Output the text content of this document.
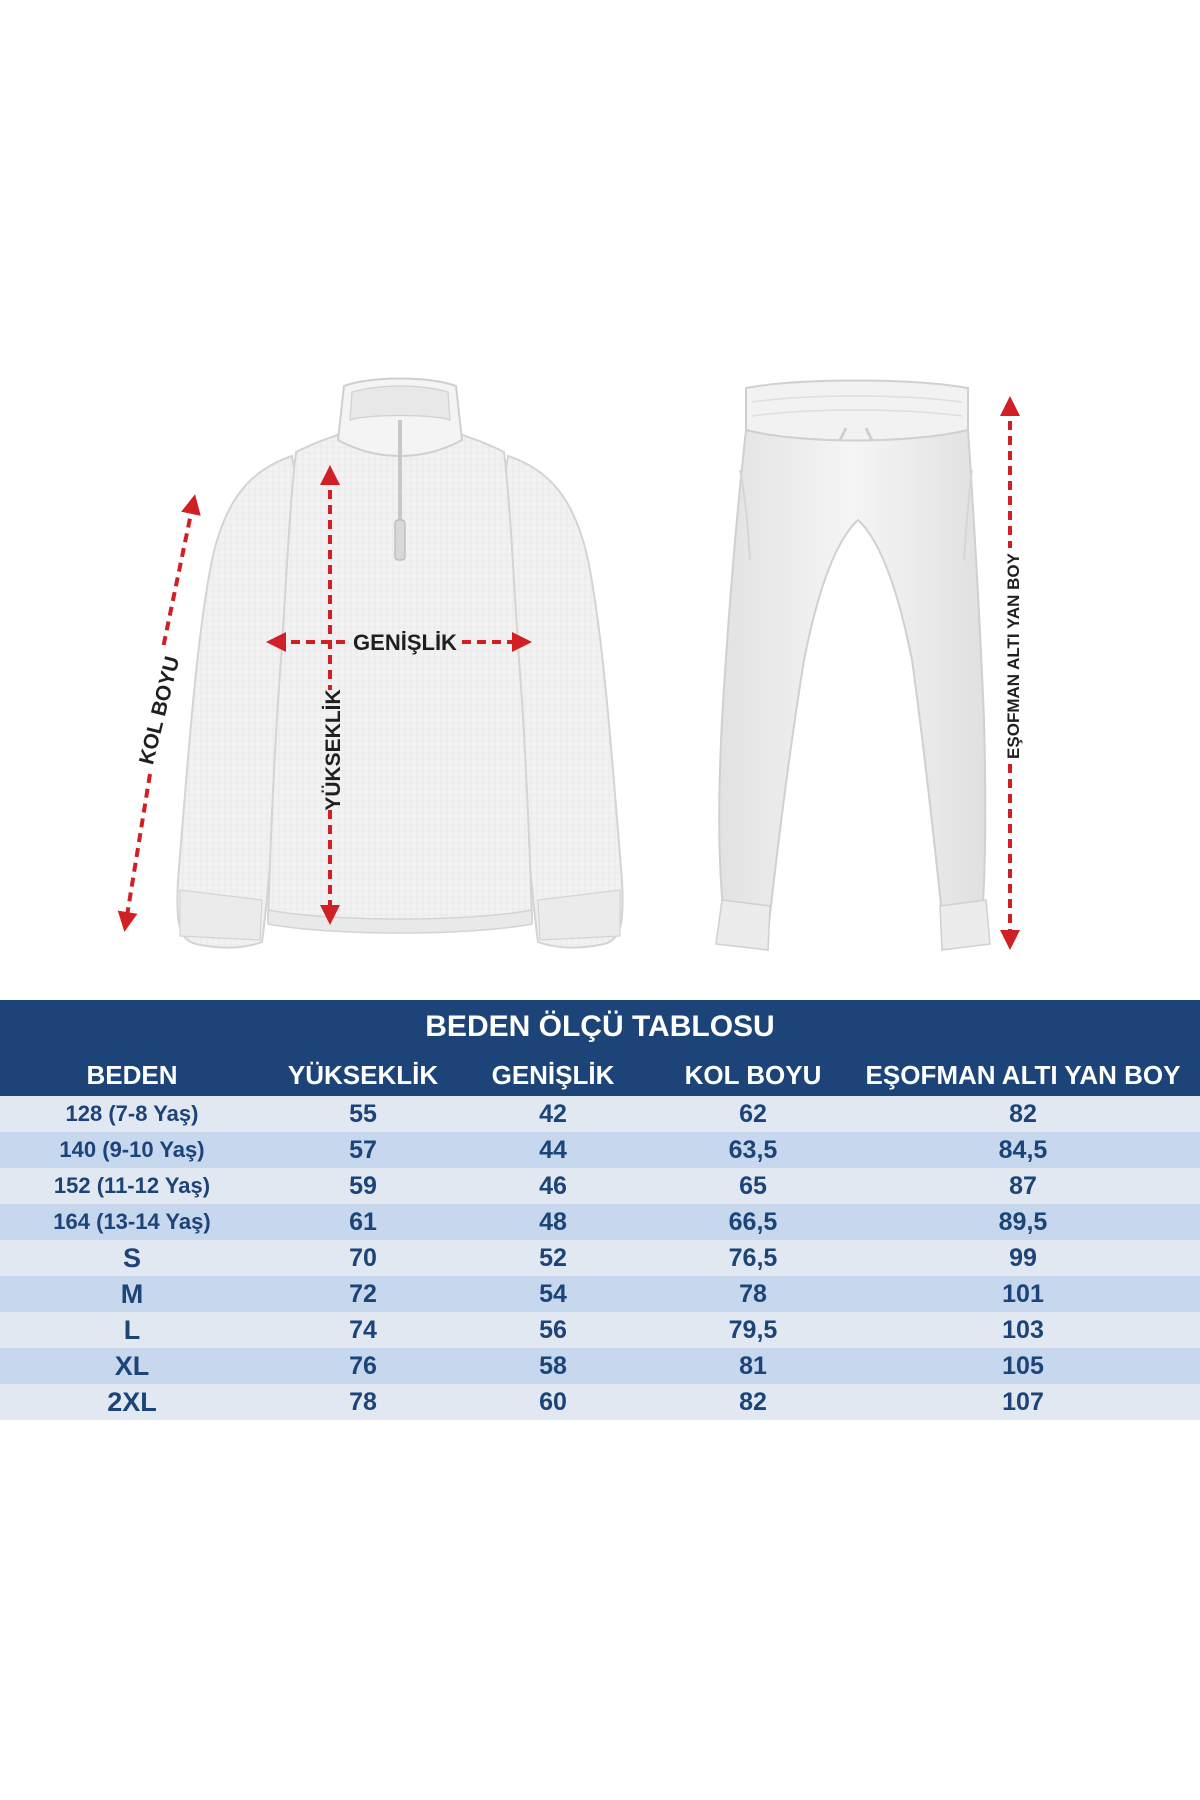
GENİŞLİK
YÜKSEKLİK
KOL BOYU	EŞOFMAN ALTI YAN BOY
BEDEN ÖLÇÜ TABLOSU
BEDEN	YÜKSEKLİK	GENİŞLİK	KOL BOYU	EŞOFMAN ALTI YAN BOY
128 (7-8 Yaş)	55	42	62	82
140 (9-10 Yaş)	57	44	63,5	84,5
152 (11-12 Yaş)	59	46	65	87
164 (13-14 Yaş)	61	48	66,5	89,5
S	70	52	76,5	99
M	72	54	78	101
L	74	56	79,5	103
XL	76	58	81	105
2XL	78	60	82	107
